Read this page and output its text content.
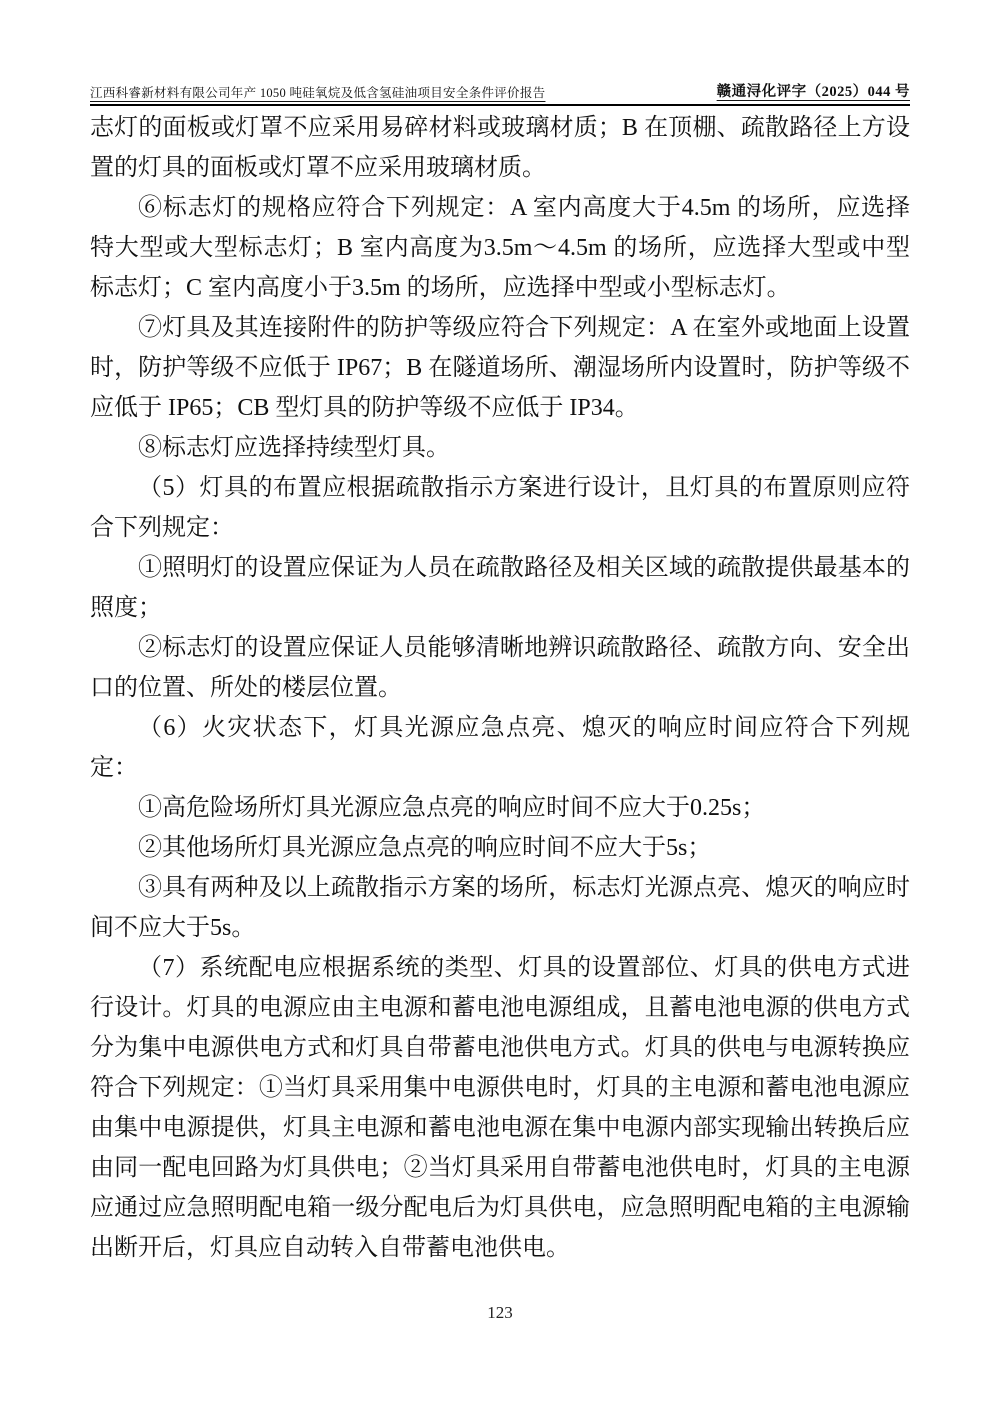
江西科睿新材料有限公司年产 1050 吨硅氧烷及低含氢硅油项目安全条件评价报告	赣通浔化评字（2025）044 号

志灯的面板或灯罩不应采用易碎材料或玻璃材质；B 在顶棚、疏散路径上方设置的灯具的面板或灯罩不应采用玻璃材质。

⑥标志灯的规格应符合下列规定：A 室内高度大于4.5m 的场所，应选择特大型或大型标志灯；B 室内高度为3.5m～4.5m 的场所，应选择大型或中型标志灯；C 室内高度小于3.5m 的场所，应选择中型或小型标志灯。

⑦灯具及其连接附件的防护等级应符合下列规定：A 在室外或地面上设置时，防护等级不应低于 IP67；B 在隧道场所、潮湿场所内设置时，防护等级不应低于 IP65；CB 型灯具的防护等级不应低于 IP34。

⑧标志灯应选择持续型灯具。

（5）灯具的布置应根据疏散指示方案进行设计，且灯具的布置原则应符合下列规定：

①照明灯的设置应保证为人员在疏散路径及相关区域的疏散提供最基本的照度；

②标志灯的设置应保证人员能够清晰地辨识疏散路径、疏散方向、安全出口的位置、所处的楼层位置。

（6）火灾状态下，灯具光源应急点亮、熄灭的响应时间应符合下列规定：

①高危险场所灯具光源应急点亮的响应时间不应大于0.25s；

②其他场所灯具光源应急点亮的响应时间不应大于5s；

③具有两种及以上疏散指示方案的场所，标志灯光源点亮、熄灭的响应时间不应大于5s。

（7）系统配电应根据系统的类型、灯具的设置部位、灯具的供电方式进行设计。灯具的电源应由主电源和蓄电池电源组成，且蓄电池电源的供电方式分为集中电源供电方式和灯具自带蓄电池供电方式。灯具的供电与电源转换应符合下列规定：①当灯具采用集中电源供电时，灯具的主电源和蓄电池电源应由集中电源提供，灯具主电源和蓄电池电源在集中电源内部实现输出转换后应由同一配电回路为灯具供电；②当灯具采用自带蓄电池供电时，灯具的主电源应通过应急照明配电箱一级分配电后为灯具供电，应急照明配电箱的主电源输出断开后，灯具应自动转入自带蓄电池供电。

123
